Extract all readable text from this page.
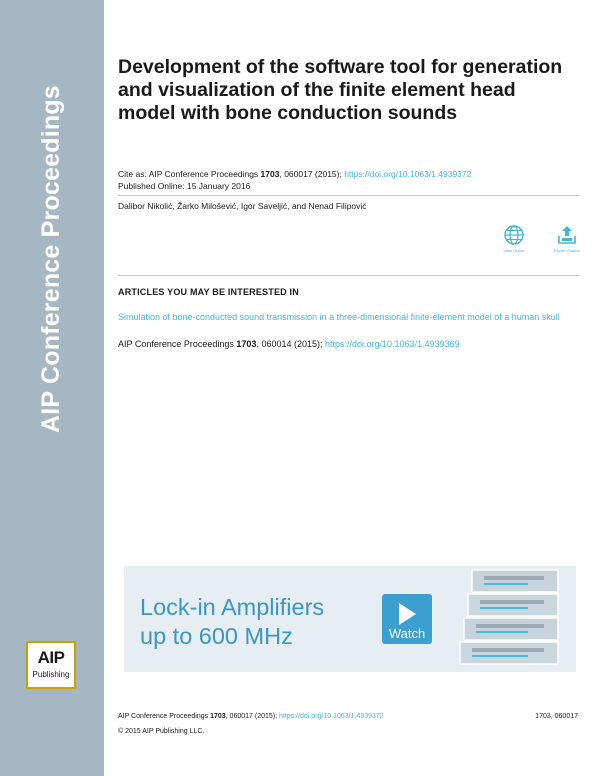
AIP Conference Proceedings
AIP
Publishing
Development of the software tool for generation and visualization of the finite element head model with bone conduction sounds
Cite as: AIP Conference Proceedings 1703, 060017 (2015); https://doi.org/10.1063/1.4939372
Published Online: 15 January 2016
Dalibor Nikolić, Žarko Milošević, Igor Saveljić, and Nenad Filipović
View Online	Export Citation
ARTICLES YOU MAY BE INTERESTED IN
Simulation of bone-conducted sound transmission in a three-dimensional finite-element model of a human skull
AIP Conference Proceedings 1703, 060014 (2015); https://doi.org/10.1063/1.4939369
Lock-in Amplifiers
up to 600 MHz	Watch
AIP Conference Proceedings 1703, 060017 (2015); https://doi.org/10.1063/1.4939372	1703, 060017
© 2015 AIP Publishing LLC.
